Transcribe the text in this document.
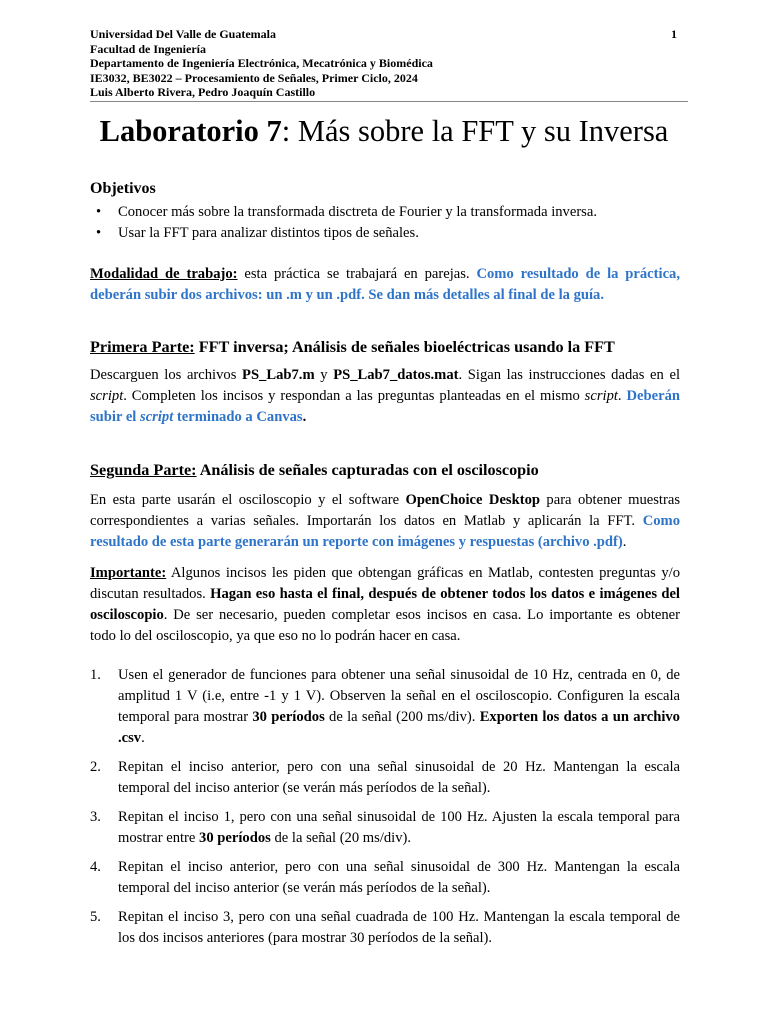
Universidad Del Valle de Guatemala
Facultad de Ingeniería
Departamento de Ingeniería Electrónica, Mecatrónica y Biomédica
IE3032, BE3022 – Procesamiento de Señales, Primer Ciclo, 2024
Luis Alberto Rivera, Pedro Joaquín Castillo
1
Laboratorio 7: Más sobre la FFT y su Inversa
Objetivos
• Conocer más sobre la transformada disctreta de Fourier y la transformada inversa.
• Usar la FFT para analizar distintos tipos de señales.

Modalidad de trabajo: esta práctica se trabajará en parejas. Como resultado de la práctica, deberán subir dos archivos: un .m y un .pdf. Se dan más detalles al final de la guía.

Primera Parte: FFT inversa; Análisis de señales bioeléctricas usando la FFT

Descarguen los archivos PS_Lab7.m y PS_Lab7_datos.mat. Sigan las instrucciones dadas en el script. Completen los incisos y respondan a las preguntas planteadas en el mismo script. Deberán subir el script terminado a Canvas.

Segunda Parte: Análisis de señales capturadas con el osciloscopio

En esta parte usarán el osciloscopio y el software OpenChoice Desktop para obtener muestras correspondientes a varias señales. Importarán los datos en Matlab y aplicarán la FFT. Como resultado de esta parte generarán un reporte con imágenes y respuestas (archivo .pdf).

Importante: Algunos incisos les piden que obtengan gráficas en Matlab, contesten preguntas y/o discutan resultados. Hagan eso hasta el final, después de obtener todos los datos e imágenes del osciloscopio. De ser necesario, pueden completar esos incisos en casa. Lo importante es obtener todo lo del osciloscopio, ya que eso no lo podrán hacer en casa.

1. Usen el generador de funciones para obtener una señal sinusoidal de 10 Hz, centrada en 0, de amplitud 1 V (i.e, entre -1 y 1 V). Observen la señal en el osciloscopio. Configuren la escala temporal para mostrar 30 períodos de la señal (200 ms/div). Exporten los datos a un archivo .csv.
2. Repitan el inciso anterior, pero con una señal sinusoidal de 20 Hz. Mantengan la escala temporal del inciso anterior (se verán más períodos de la señal).
3. Repitan el inciso 1, pero con una señal sinusoidal de 100 Hz. Ajusten la escala temporal para mostrar entre 30 períodos de la señal (20 ms/div).
4. Repitan el inciso anterior, pero con una señal sinusoidal de 300 Hz. Mantengan la escala temporal del inciso anterior (se verán más períodos de la señal).
5. Repitan el inciso 3, pero con una señal cuadrada de 100 Hz. Mantengan la escala temporal de los dos incisos anteriores (para mostrar 30 períodos de la señal).
